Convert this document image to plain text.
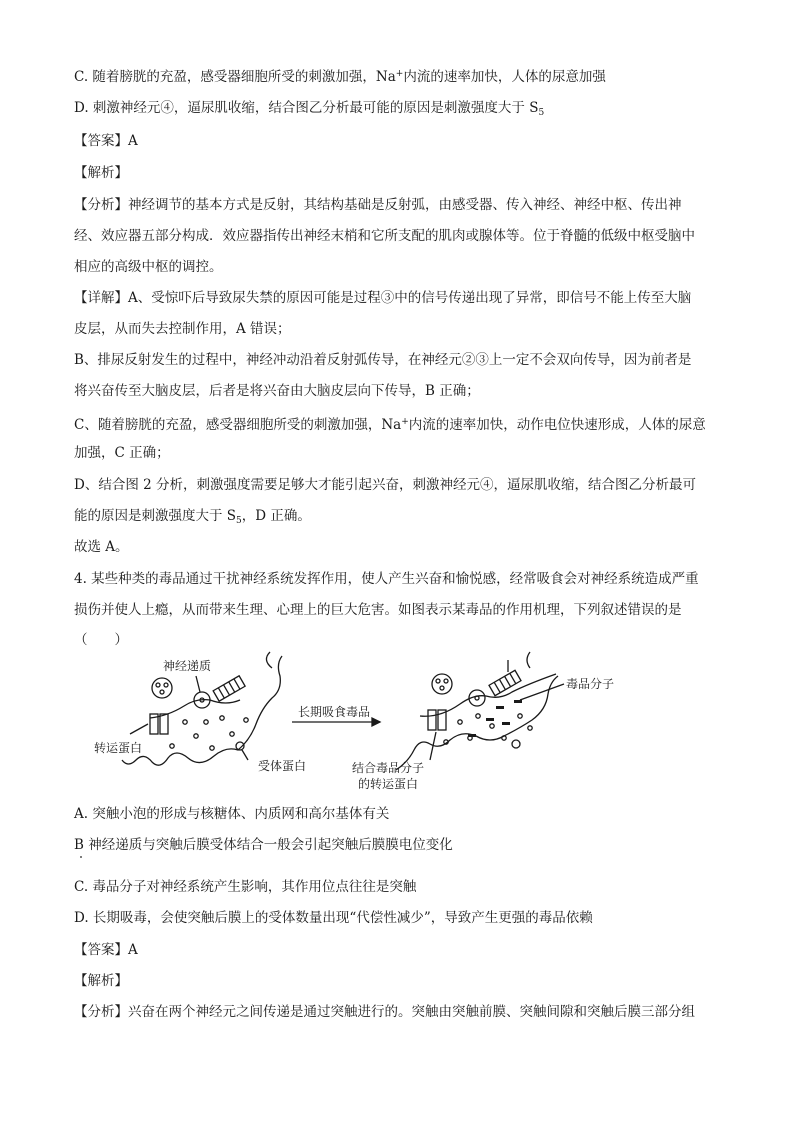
C. 随着膀胱的充盈，感受器细胞所受的刺激加强，Na+内流的速率加快，人体的尿意加强
D. 刺激神经元④，逼尿肌收缩，结合图乙分析最可能的原因是刺激强度大于 $S_5$
【答案】A
【解析】
【分析】神经调节的基本方式是反射，其结构基础是反射弧，由感受器、传入神经、神经中枢、传出神
经、效应器五部分构成．效应器指传出神经末梢和它所支配的肌肉或腺体等。位于脊髓的低级中枢受脑中
相应的高级中枢的调控。
【详解】A、受惊吓后导致尿失禁的原因可能是过程③中的信号传递出现了异常，即信号不能上传至大脑
皮层，从而失去控制作用，A 错误；
B、排尿反射发生的过程中，神经冲动沿着反射弧传导，在神经元②③上一定不会双向传导，因为前者是
将兴奋传至大脑皮层，后者是将兴奋由大脑皮层向下传导，B 正确；
C、随着膀胱的充盈，感受器细胞所受的刺激加强，Na+内流的速率加快，动作电位快速形成，人体的尿意
加强，C 正确；
D、结合图 2 分析，刺激强度需要足够大才能引起兴奋，刺激神经元④，逼尿肌收缩，结合图乙分析最可
能的原因是刺激强度大于 $S_5$，D 正确。
故选 A。
4. 某些种类的毒品通过干扰神经系统发挥作用，使人产生兴奋和愉悦感，经常吸食会对神经系统造成严重
损伤并使人上瘾，从而带来生理、心理上的巨大危害。如图表示某毒品的作用机理，下列叙述错误的是
（　　）
神经递质
转运蛋白
受体蛋白
长期吸食毒品
毒品分子
结合毒品分子
的转运蛋白
A. 突触小泡的形成与核糖体、内质网和高尔基体有关
B 神经递质与突触后膜受体结合一般会引起突触后膜膜电位变化
C. 毒品分子对神经系统产生影响，其作用位点往往是突触
D. 长期吸毒，会使突触后膜上的受体数量出现“代偿性减少”，导致产生更强的毒品依赖
【答案】A
【解析】
【分析】兴奋在两个神经元之间传递是通过突触进行的。突触由突触前膜、突触间隙和突触后膜三部分组
